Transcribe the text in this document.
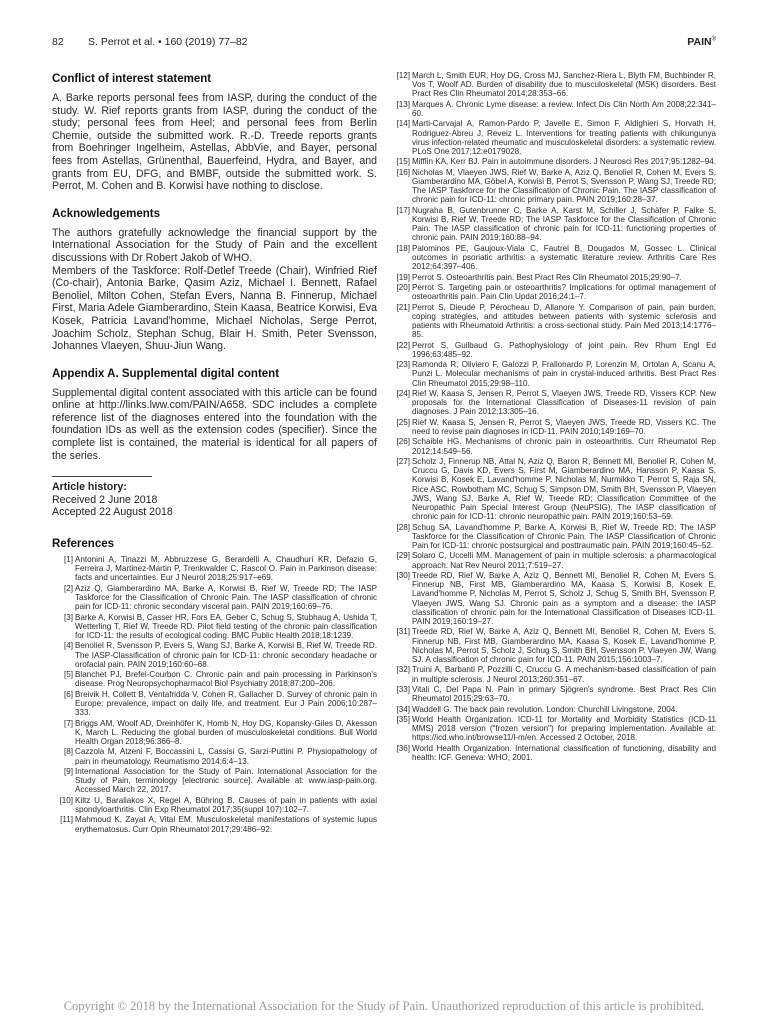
82 S. Perrot et al. • 160 (2019) 77–82	PAIN®
Conflict of interest statement

A. Barke reports personal fees from IASP, during the conduct of the study. W. Rief reports grants from IASP, during the conduct of the study; personal fees from Heel; and personal fees from Berlin Chemie, outside the submitted work. R.-D. Treede reports grants from Boehringer Ingelheim, Astellas, AbbVie, and Bayer, personal fees from Astellas, Grünenthal, Bauerfeind, Hydra, and Bayer, and grants from EU, DFG, and BMBF, outside the submitted work. S. Perrot, M. Cohen and B. Korwisi have nothing to disclose.

Acknowledgements

The authors gratefully acknowledge the financial support by the International Association for the Study of Pain and the excellent discussions with Dr Robert Jakob of WHO.

Members of the Taskforce: Rolf-Detlef Treede (Chair), Winfried Rief (Co-chair), Antonia Barke, Qasim Aziz, Michael I. Bennett, Rafael Benoliel, Milton Cohen, Stefan Evers, Nanna B. Finnerup, Michael First, Maria Adele Giamberardino, Stein Kaasa, Beatrice Korwisi, Eva Kosek, Patricia Lavand'homme, Michael Nicholas, Serge Perrot, Joachim Scholz, Stephan Schug, Blair H. Smith, Peter Svensson, Johannes Vlaeyen, Shuu-Jiun Wang.

Appendix A. Supplemental digital content

Supplemental digital content associated with this article can be found online at http://links.lww.com/PAIN/A658. SDC includes a complete reference list of the diagnoses entered into the foundation with the foundation IDs as well as the extension codes (specifier). Since the complete list is contained, the material is identical for all papers of the series.

Article history:
Received 2 June 2018
Accepted 22 August 2018
References
[1] Antonini A, Tinazzi M, Abbruzzese G, Berardelli A, Chaudhuri KR, Defazio G, Ferreira J, Martinez-Martin P, Trenkwalder C, Rascol O. Pain in Parkinson disease: facts and uncertainties. Eur J Neurol 2018;25:917–e69.
[2] Aziz Q, Giamberardino MA, Barke A, Korwisi B, Rief W, Treede RD; The IASP Taskforce for the Classification of Chronic Pain. The IASP classification of chronic pain for ICD-11: chronic secondary visceral pain. PAIN 2019;160:69–76.
[3] Barke A, Korwisi B, Casser HR, Fors EA, Geber C, Schug S, Stubhaug A, Ushida T, Wetterling T, Rief W, Treede RD. Pilot field testing of the chronic pain classification for ICD-11: the results of ecological coding. BMC Public Health 2018;18:1239.
[4] Benoliel R, Svensson P, Evers S, Wang SJ, Barke A, Korwisi B, Rief W, Treede RD. The IASP-Classification of chronic pain for ICD-11: chronic secondary headache or orofacial pain. PAIN 2019;160:60–68.
[5] Blanchet PJ, Brefel-Courbon C. Chronic pain and pain processing in Parkinson's disease. Prog Neuropsychopharmacol Biol Psychiatry 2018;87:200–206.
[6] Breivik H, Collett B, Ventafridda V, Cohen R, Gallacher D. Survey of chronic pain in Europe: prevalence, impact on daily life, and treatment. Eur J Pain 2006;10:287–333.
[7] Briggs AM, Woolf AD, Dreinhöfer K, Homb N, Hoy DG, Kopansky-Giles D, Akesson K, March L. Reducing the global burden of musculoskeletal conditions. Bull World Health Organ 2018;96:366–8.
[8] Cazzola M, Atzeni F, Boccassini L, Cassisi G, Sarzi-Puttini P. Physiopathology of pain in rheumatology. Reumatismo 2014;6:4–13.
[9] International Association for the Study of Pain. International Association for the Study of Pain, terminology [electronic source]. Available at: www.iasp-pain.org. Accessed March 22, 2017.
[10] Kiltz U, Baraliakos X, Regel A, Bühring B. Causes of pain in patients with axial spondyloarthritis. Clin Exp Rheumatol 2017;35(suppl 107):102–7.
[11] Mahmoud K, Zayat A, Vital EM. Musculoskeletal manifestations of systemic lupus erythematosus. Curr Opin Rheumatol 2017;29:486–92.
[12] March L, Smith EUR, Hoy DG, Cross MJ, Sanchez-Riera L, Blyth FM, Buchbinder R, Vos T, Woolf AD. Burden of disability due to musculoskeletal (MSK) disorders. Best Pract Res Clin Rheumatol 2014;28:353–66.
[13] Marques A. Chronic Lyme disease: a review. Infect Dis Clin North Am 2008;22:341–60.
[14] Marti-Carvajal A, Ramon-Pardo P, Javelle E, Simon F, Aldighieri S, Horvath H, Rodriguez-Abreu J, Reveiz L. Interventions for treating patients with chikungunya virus infection-related rheumatic and musculoskeletal disorders: a systematic review. PLoS One 2017;12:e0179028.
[15] Mifflin KA, Kerr BJ. Pain in autoimmune disorders. J Neurosci Res 2017;95:1282–94.
[16] Nicholas M, Vlaeyen JWS, Rief W, Barke A, Aziz Q, Benoliel R, Cohen M, Evers S, Giamberardino MA, Göbel A, Korwisi B, Perrot S, Svensson P, Wang SJ, Treede RD; The IASP Taskforce for the Classification of Chronic Pain. The IASP classification of chronic pain for ICD-11: chronic primary pain. PAIN 2019;160:28–37.
[17] Nugraha B, Gutenbrunner C, Barke A, Karst M, Schiller J, Schäfer P, Falke S, Korwisi B, Rief W, Treede RD; The IASP Taskforce for the Classification of Chronic Pain. The IASP classification of chronic pain for ICD-11: functioning properties of chronic pain. PAIN 2019;160:88–94.
[18] Palominos PE, Gaujoux-Viala C, Fautrel B, Dougados M, Gossec L. Clinical outcomes in psoriatic arthritis: a systematic literature review. Arthritis Care Res 2012;64:397–406.
[19] Perrot S. Osteoarthritis pain. Best Pract Res Clin Rheumatol 2015;29:90–7.
[20] Perrot S. Targeting pain or osteoarthritis? Implications for optimal management of osteoarthritis pain. Pain Clin Updat 2016;24:1–7.
[21] Perrot S, Dieudé P, Pérocheau D, Allanore Y. Comparison of pain, pain burden, coping strategies, and attitudes between patients with systemic sclerosis and patients with Rheumatoid Arthritis: a cross-sectional study. Pain Med 2013;14:1776–85.
[22] Perrot S, Guilbaud G. Pathophysiology of joint pain. Rev Rhum Engl Ed 1996;63:485–92.
[23] Ramonda R, Oliviero F, Galozzi P, Frallonardo P, Lorenzin M, Ortolan A, Scanu A, Punzi L. Molecular mechanisms of pain in crystal-induced arthritis. Best Pract Res Clin Rheumatol 2015;29:98–110.
[24] Rief W, Kaasa S, Jensen R, Perrot S, Vlaeyen JWS, Treede RD, Vissers KCP. New proposals for the International Classification of Diseases-11 revision of pain diagnoses. J Pain 2012;13:305–16.
[25] Rief W, Kaasa S, Jensen R, Perrot S, Vlaeyen JWS, Treede RD, Vissers KC. The need to revise pain diagnoses in ICD-11. PAIN 2010;149:169–70.
[26] Schaible HG. Mechanisms of chronic pain in osteoarthritis. Curr Rheumatol Rep 2012;14:549–56.
[27] Scholz J, Finnerup NB, Attal N, Aziz Q, Baron R, Bennett MI, Benoliel R, Cohen M, Cruccu G, Davis KD, Evers S, First M, Giamberardino MA, Hansson P, Kaasa S, Korwisi B, Kosek E, Lavand'homme P, Nicholas M, Nurmikko T, Perrot S, Raja SN, Rice ASC, Rowbotham MC, Schug S, Simpson DM, Smith BH, Svensson P, Vlaeyen JWS, Wang SJ, Barke A, Rief W, Treede RD; Classification Committee of the Neuropathic Pain Special Interest Group (NeuPSIG). The IASP classification of chronic pain for ICD-11: chronic neuropathic pain. PAIN 2019;160:53–59.
[28] Schug SA, Lavand'homme P, Barke A, Korwisi B, Rief W, Treede RD; The IASP Taskforce for the Classification of Chronic Pain. The IASP Classification of Chronic Pain for ICD-11: chronic postsurgical and posttraumatic pain. PAIN 2019;160:45–52.
[29] Solaro C, Uccelli MM. Management of pain in multiple sclerosis: a pharmacological approach. Nat Rev Neurol 2011;7:519–27.
[30] Treede RD, Rief W, Barke A, Aziz Q, Bennett MI, Benoliel R, Cohen M, Evers S, Finnerup NB, First MB, Giamberardino MA, Kaasa S, Korwisi B, Kosek E, Lavand'homme P, Nicholas M, Perrot S, Scholz J, Schug S, Smith BH, Svensson P, Vlaeyen JWS, Wang SJ. Chronic pain as a symptom and a disease: the IASP classification of chronic pain for the International Classification of Diseases ICD-11. PAIN 2019;160:19–27.
[31] Treede RD, Rief W, Barke A, Aziz Q, Bennett MI, Benoliel R, Cohen M, Evers S, Finnerup NB, First MB, Giamberardino MA, Kaasa S, Kosek E, Lavand'homme P, Nicholas M, Perrot S, Scholz J, Schug S, Smith BH, Svensson P, Vlaeyen JW, Wang SJ. A classification of chronic pain for ICD-11. PAIN 2015;156:1003–7.
[32] Truini A, Barbanti P, Pozzilli C, Cruccu G. A mechanism-based classification of pain in multiple sclerosis. J Neurol 2013;260:351–67.
[33] Vitali C, Del Papa N. Pain in primary Sjögren's syndrome. Best Pract Res Clin Rheumatol 2015;29:63–70.
[34] Waddell G. The back pain revolution. London: Churchill Livingstone, 2004.
[35] World Health Organization. ICD-11 for Mortality and Morbidity Statistics (ICD-11 MMS) 2018 version ("frozen version") for preparing implementation. Available at: https://icd.who.int/browse11/l-m/en. Accessed 2 October, 2018.
[36] World Health Organization. International classification of functioning, disability and health: ICF. Geneva: WHO, 2001.
Copyright © 2018 by the International Association for the Study of Pain. Unauthorized reproduction of this article is prohibited.
